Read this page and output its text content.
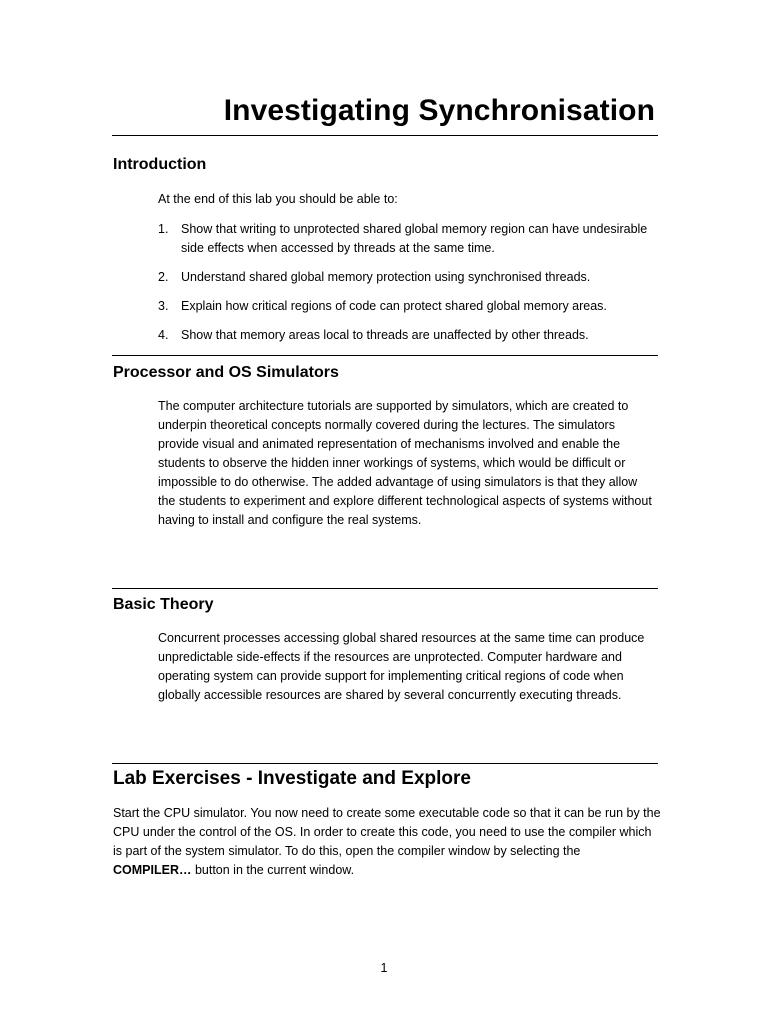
Investigating Synchronisation
Introduction

At the end of this lab you should be able to:

1.	Show that writing to unprotected shared global memory region can have undesirable side effects when accessed by threads at the same time.
2.	Understand shared global memory protection using synchronised threads.
3.	Explain how critical regions of code can protect shared global memory areas.
4.	Show that memory areas local to threads are unaffected by other threads.
Processor and OS Simulators

The computer architecture tutorials are supported by simulators, which are created to underpin theoretical concepts normally covered during the lectures. The simulators provide visual and animated representation of mechanisms involved and enable the students to observe the hidden inner workings of systems, which would be difficult or impossible to do otherwise. The added advantage of using simulators is that they allow the students to experiment and explore different technological aspects of systems without having to install and configure the real systems.

Basic Theory

Concurrent processes accessing global shared resources at the same time can produce unpredictable side-effects if the resources are unprotected. Computer hardware and operating system can provide support for implementing critical regions of code when globally accessible resources are shared by several concurrently executing threads.

Lab Exercises - Investigate and Explore

Start the CPU simulator. You now need to create some executable code so that it can be run by the CPU under the control of the OS. In order to create this code, you need to use the compiler which is part of the system simulator. To do this, open the compiler window by selecting the COMPILER… button in the current window.

1
